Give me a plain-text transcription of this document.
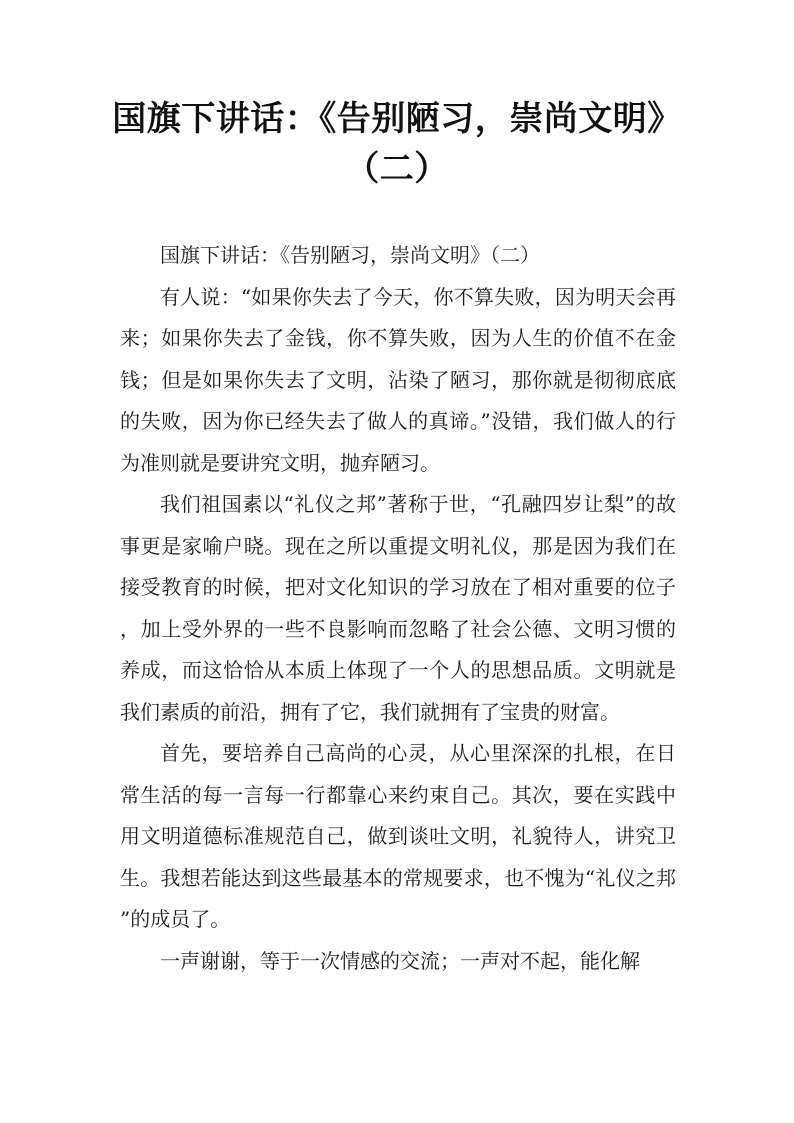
国旗下讲话：《告别陋习，崇尚文明》
（二）

国旗下讲话：《告别陋习，崇尚文明》（二）

有人说：“如果你失去了今天，你不算失败，因为明天会再来；如果你失去了金钱，你不算失败，因为人生的价值不在金钱；但是如果你失去了文明，沾染了陋习，那你就是彻彻底底的失败，因为你已经失去了做人的真谛。”没错，我们做人的行为准则就是要讲究文明，抛弃陋习。

我们祖国素以“礼仪之邦”著称于世，“孔融四岁让梨”的故事更是家喻户晓。现在之所以重提文明礼仪，那是因为我们在接受教育的时候，把对文化知识的学习放在了相对重要的位子，加上受外界的一些不良影响而忽略了社会公德、文明习惯的养成，而这恰恰从本质上体现了一个人的思想品质。文明就是我们素质的前沿，拥有了它，我们就拥有了宝贵的财富。

首先，要培养自己高尚的心灵，从心里深深的扎根，在日常生活的每一言每一行都靠心来约束自己。其次，要在实践中用文明道德标准规范自己，做到谈吐文明，礼貌待人，讲究卫生。我想若能达到这些最基本的常规要求，也不愧为“礼仪之邦”的成员了。

一声谢谢，等于一次情感的交流；一声对不起，能化解
